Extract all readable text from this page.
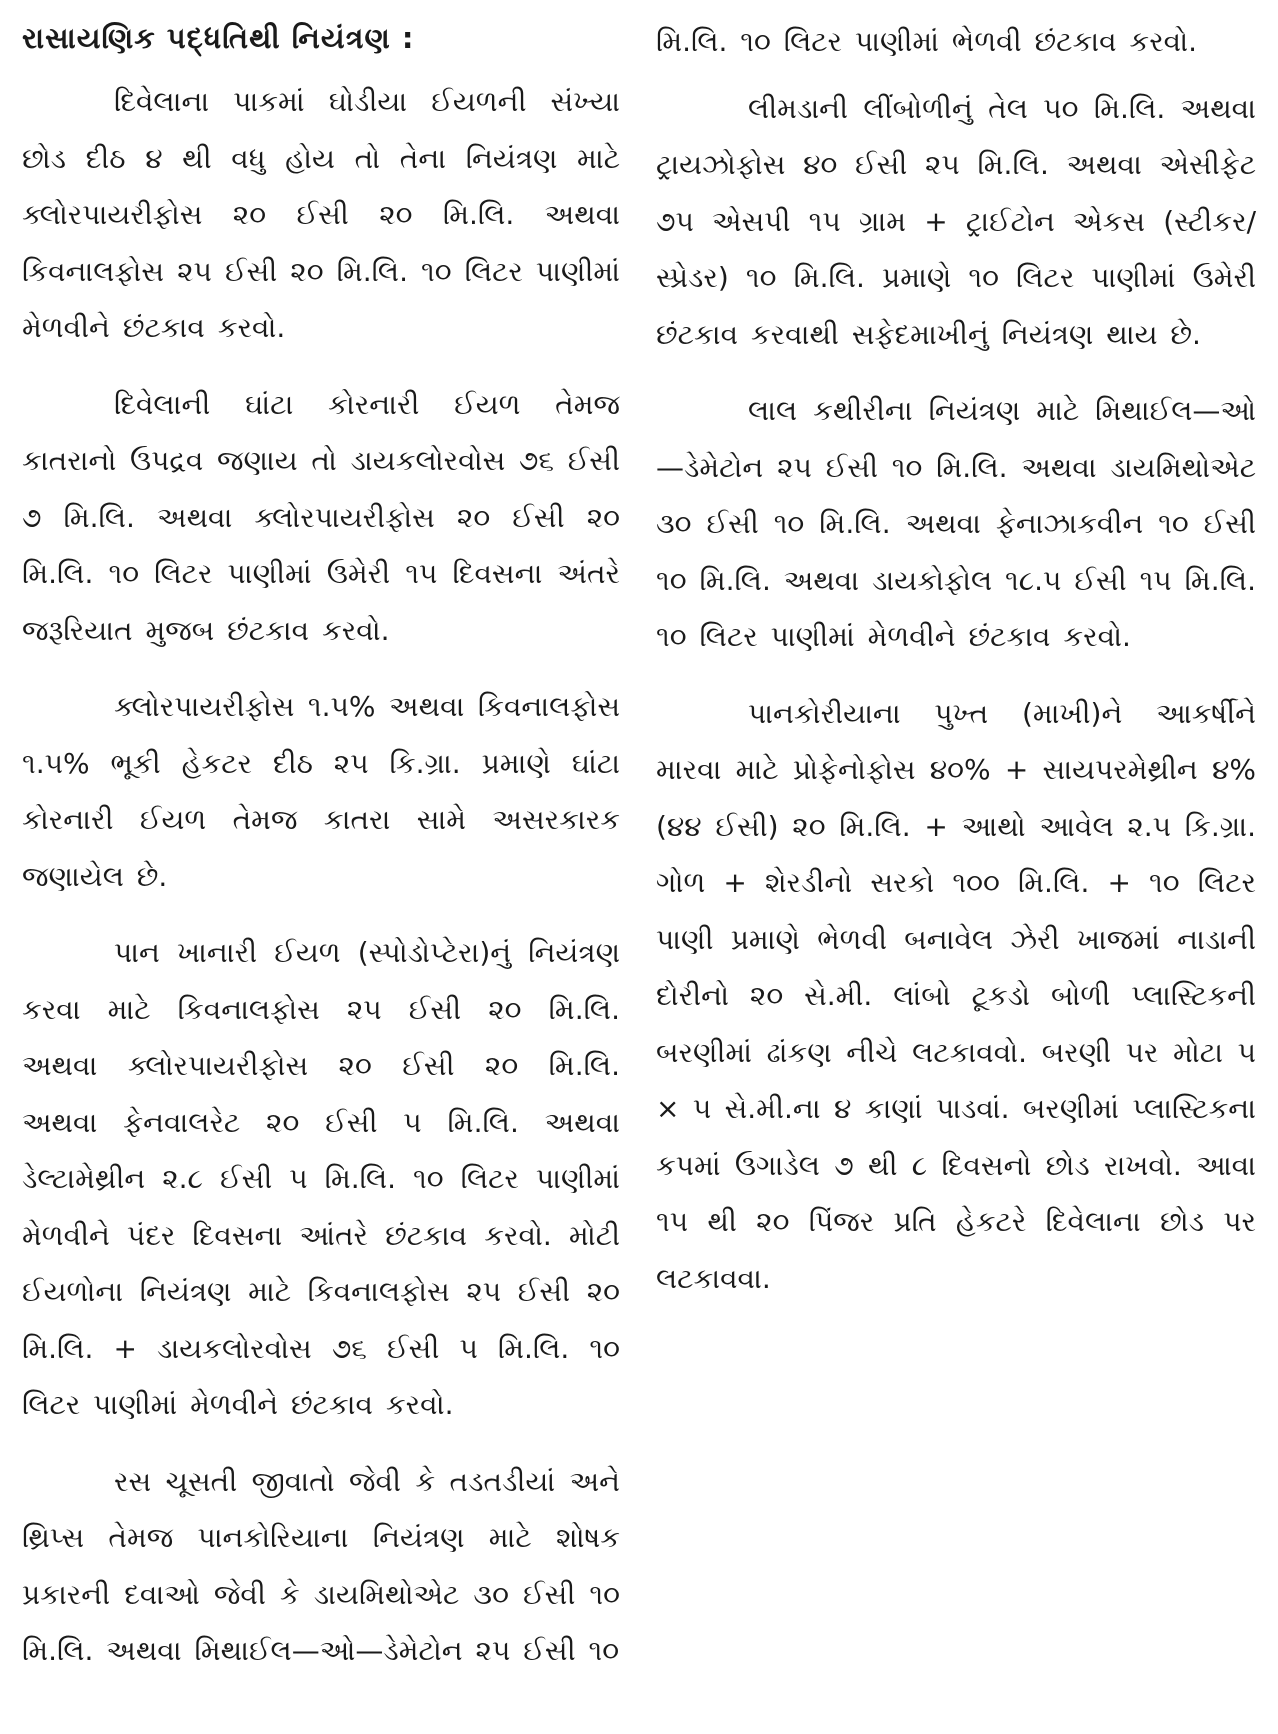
રાસાયણિક પદ્ધતિથી નિયંત્રણ :

દિવેલાના પાકમાં ઘોડીયા ઈયળની સંખ્યા છોડ દીઠ ૪ થી વધુ હોય તો તેના નિયંત્રણ માટે ક્લોરપાયરીફોસ ૨૦ ઈસી ૨૦ મિ.લિ. અથવા કિવનાલફોસ ૨૫ ઈસી ૨૦ મિ.લિ. ૧૦ લિટર પાણીમાં મેળવીને છંટકાવ કરવો.

દિવેલાની ઘાંટા કોરનારી ઈયળ તેમજ કાતરાનો ઉપદ્રવ જણાય તો ડાયકલોરવોસ ૭૬ ઈસી ૭ મિ.લિ. અથવા ક્લોરપાયરીફોસ ૨૦ ઈસી ૨૦ મિ.લિ. ૧૦ લિટર પાણીમાં ઉમેરી ૧૫ દિવસના અંતરે જરૂરિયાત મુજબ છંટકાવ કરવો.

ક્લોરપાયરીફોસ ૧.૫% અથવા કિવનાલફોસ ૧.૫% ભૂકી હેકટર દીઠ ૨૫ કિ.ગ્રા. પ્રમાણે ઘાંટા કોરનારી ઈયળ તેમજ કાતરા સામે અસરકારક જણાયેલ છે.

પાન ખાનારી ઈયળ (સ્પોડોપ્ટેરા)નું નિયંત્રણ કરવા માટે કિવનાલફોસ ૨૫ ઈસી ૨૦ મિ.લિ. અથવા ક્લોરપાયરીફોસ ૨૦ ઈસી ૨૦ મિ.લિ. અથવા ફેનવાલરેટ ૨૦ ઈસી ૫ મિ.લિ. અથવા ડેલ્ટામેથ્રીન ૨.૮ ઈસી ૫ મિ.લિ. ૧૦ લિટર પાણીમાં મેળવીને પંદર દિવસના આંતરે છંટકાવ કરવો. મોટી ઈયળોના નિયંત્રણ માટે કિવનાલફોસ ૨૫ ઈસી ૨૦ મિ.લિ. + ડાયકલોરવોસ ૭૬ ઈસી ૫ મિ.લિ. ૧૦ લિટર પાણીમાં મેળવીને છંટકાવ કરવો.

રસ ચૂસતી જીવાતો જેવી કે તડતડીયાં અને થ્રિપ્સ તેમજ પાનકોરિયાના નિયંત્રણ માટે શોષક પ્રકારની દવાઓ જેવી કે ડાયમિથોએટ ૩૦ ઈસી ૧૦ મિ.લિ. અથવા મિથાઈલ—ઓ—ડેમેટોન ૨૫ ઈસી ૧૦

મિ.લિ. ૧૦ લિટર પાણીમાં ભેળવી છંટકાવ કરવો.

લીમડાની લીંબોળીનું તેલ ૫૦ મિ.લિ. અથવા ટ્રાયઝોફોસ ૪૦ ઈસી ૨૫ મિ.લિ. અથવા એસીફેટ ૭૫ એસપી ૧૫ ગ્રામ + ટ્રાઈટોન એકસ (સ્ટીકર/સ્પ્રેડર) ૧૦ મિ.લિ. પ્રમાણે ૧૦ લિટર પાણીમાં ઉમેરી છંટકાવ કરવાથી સફેદમાખીનું નિયંત્રણ થાય છે.

લાલ કથીરીના નિયંત્રણ માટે મિથાઈલ—ઓ—ડેમેટોન ૨૫ ઈસી ૧૦ મિ.લિ. અથવા ડાયમિથોએટ ૩૦ ઈસી ૧૦ મિ.લિ. અથવા ફેનાઝાકવીન ૧૦ ઈસી ૧૦ મિ.લિ. અથવા ડાયકોફોલ ૧૮.૫ ઈસી ૧૫ મિ.લિ. ૧૦ લિટર પાણીમાં મેળવીને છંટકાવ કરવો.

પાનકોરીયાના પુખ્ત (માખી)ને આકર્ષીને મારવા માટે પ્રોફેનોફોસ ૪૦% + સાયપરમેથ્રીન ૪% (૪૪ ઈસી) ૨૦ મિ.લિ. + આથો આવેલ ૨.૫ કિ.ગ્રા. ગોળ + શેરડીનો સરકો ૧૦૦ મિ.લિ. + ૧૦ લિટર પાણી પ્રમાણે ભેળવી બનાવેલ ઝેરી ખાજમાં નાડાની દોરીનો ૨૦ સે.મી. લાંબો ટૂકડો બોળી પ્લાસ્ટિકની બરણીમાં ઢાંકણ નીચે લટકાવવો. બરણી પર મોટા ૫ × ૫ સે.મી.ના ૪ કાણાં પાડવાં. બરણીમાં પ્લાસ્ટિકના કપમાં ઉગાડેલ ૭ થી ૮ દિવસનો છોડ રાખવો. આવા ૧૫ થી ૨૦ પિંજર પ્રતિ હેકટરે દિવેલાના છોડ પર લટકાવવા.
